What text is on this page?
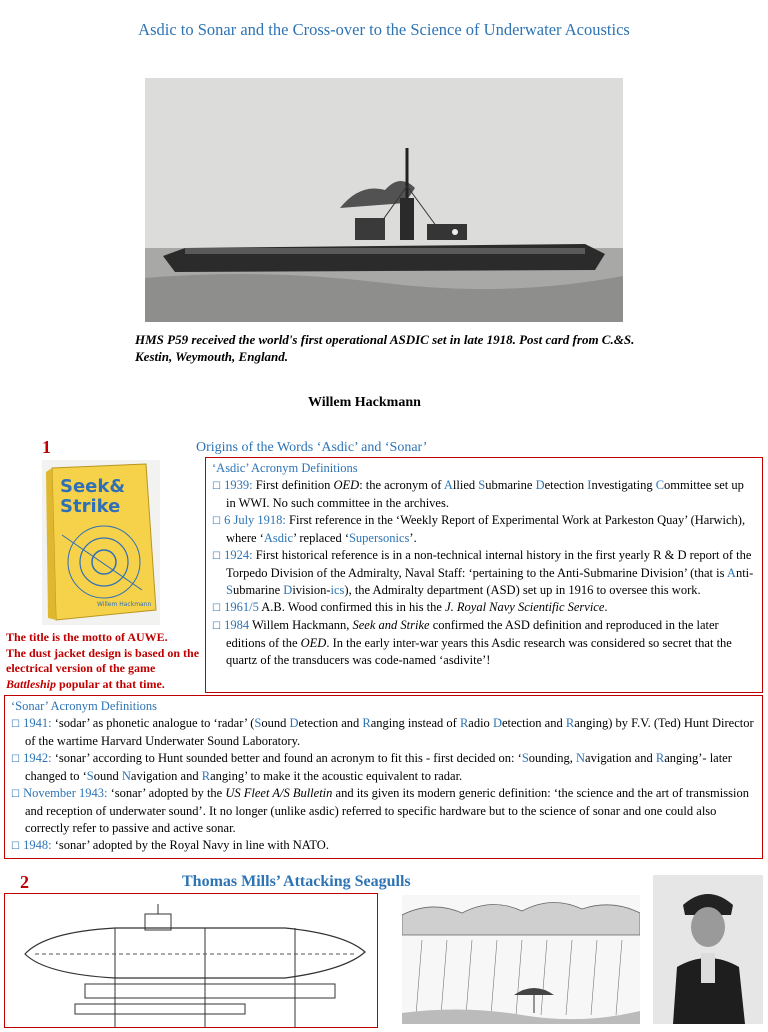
Asdic to Sonar and the Cross-over to the Science of Underwater Acoustics
HMS P59 received the world's first operational ASDIC set in late 1918. Post card from C.&S. Kestin, Weymouth, England.
Willem Hackmann
1	Origins of the Words ‘Asdic’ and ‘Sonar’
Seek&
Strike
Willem Hackmann
The title is the motto of AUWE.
The dust jacket design is based on the electrical version of the game Battleship popular at that time.
‘Asdic’ Acronym Definitions
☐ 1939: First definition OED: the acronym of Allied Submarine Detection Investigating Committee set up in WWI. No such committee in the archives.
☐ 6 July 1918: First reference in the ‘Weekly Report of Experimental Work at Parkeston Quay’ (Harwich), where ‘Asdic’ replaced ‘Supersonics’.
☐ 1924: First historical reference is in a non-technical internal history in the first yearly R & D report of the Torpedo Division of the Admiralty, Naval Staff: ‘pertaining to the Anti-Submarine Division’ (that is Anti-Submarine Division-ics), the Admiralty department (ASD) set up in 1916 to oversee this work.
☐ 1961/5 A.B. Wood confirmed this in his the J. Royal Navy Scientific Service.
☐ 1984 Willem Hackmann, Seek and Strike confirmed the ASD definition and reproduced in the later editions of the OED. In the early inter-war years this Asdic research was considered so secret that the quartz of the transducers was code-named ‘asdivite’!
‘Sonar’ Acronym Definitions
☐ 1941: ‘sodar’ as phonetic analogue to ‘radar’ (Sound Detection and Ranging instead of Radio Detection and Ranging) by F.V. (Ted) Hunt Director of the wartime Harvard Underwater Sound Laboratory.
☐ 1942: ‘sonar’ according to Hunt sounded better and found an acronym to fit this - first decided on: ‘Sounding, Navigation and Ranging’- later changed to ‘Sound Navigation and Ranging’ to make it the acoustic equivalent to radar.
☐ November 1943: ‘sonar’ adopted by the US Fleet A/S Bulletin and its given its modern generic definition: ‘the science and the art of transmission and reception of underwater sound’. It no longer (unlike asdic) referred to specific hardware but to the science of sonar and one could also correctly refer to passive and active sonar.
☐ 1948: ‘sonar’ adopted by the Royal Navy in line with NATO.
2	Thomas Mills’ Attacking Seagulls
